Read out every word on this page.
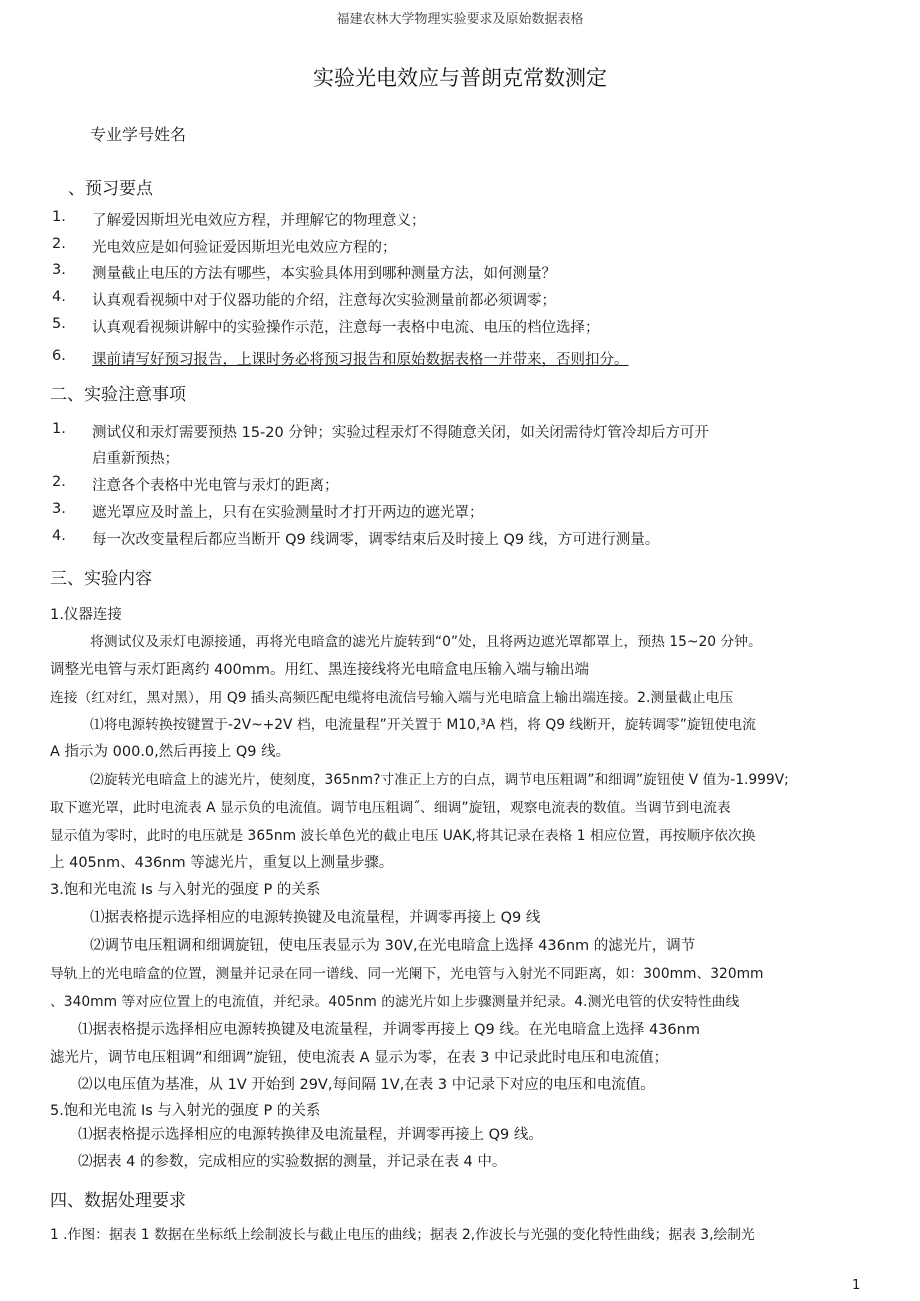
福建农林大学物理实验要求及原始数据表格
实验光电效应与普朗克常数测定
专业学号姓名
、预习要点
1. 了解爱因斯坦光电效应方程，并理解它的物理意义；
2. 光电效应是如何验证爱因斯坦光电效应方程的；
3. 测量截止电压的方法有哪些，本实验具体用到哪种测量方法，如何测量？
4. 认真观看视频中对于仪器功能的介绍，注意每次实验测量前都必须调零；
5. 认真观看视频讲解中的实验操作示范，注意每一表格中电流、电压的档位选择；
6. 课前请写好预习报告，上课时务必将预习报告和原始数据表格一并带来，否则扣分。
二、实验注意事项
1. 测试仪和汞灯需要预热 15-20 分钟；实验过程汞灯不得随意关闭，如关闭需待灯管冷却后方可开
启重新预热；
2. 注意各个表格中光电管与汞灯的距离；
3. 遮光罩应及时盖上，只有在实验测量时才打开两边的遮光罩；
4. 每一次改变量程后都应当断开 Q9 线调零，调零结束后及时接上 Q9 线，方可进行测量。
三、实验内容
1.仪器连接
将测试仪及汞灯电源接通，再将光电暗盒的滤光片旋转到“0”处，且将两边遮光罩都罩上，预热 15~20 分钟。
调整光电管与汞灯距离约 400mm。用红、黑连接线将光电暗盒电压输入端与输出端
连接（红对红，黑对黑），用 Q9 插头高频匹配电缆将电流信号输入端与光电暗盒上输出端连接。2.测量截止电压
⑴将电源转换按键置于-2V~+2V 档，电流量程”开关置于 M10,³A 档，将 Q9 线断开，旋转调零”旋钮使电流
A 指示为 000.0,然后再接上 Q9 线。
⑵旋转光电暗盒上的滤光片，使刻度，365nm?寸准正上方的白点，调节电压粗调”和细调”旋钮使 V 值为-1.999V;
取下遮光罩，此时电流表 A 显示负的电流值。调节电压粗调˝、细调”旋钮，观察电流表的数值。当调节到电流表
显示值为零时，此时的电压就是 365nm 波长单色光的截止电压 UAK,将其记录在表格 1 相应位置，再按顺序依次换
上 405nm、436nm 等滤光片，重复以上测量步骤。
3.饱和光电流 Is 与入射光的强度 P 的关系
⑴据表格提示选择相应的电源转换键及电流量程，并调零再接上 Q9 线
⑵调节电压粗调和细调旋钮，使电压表显示为 30V,在光电暗盒上选择 436nm 的滤光片，调节
导轨上的光电暗盒的位置，测量并记录在同一谱线、同一光阑下，光电管与入射光不同距离，如：300mm、320mm
、340mm 等对应位置上的电流值，并纪录。405nm 的滤光片如上步骤测量并纪录。4.测光电管的伏安特性曲线
⑴据表格提示选择相应电源转换键及电流量程，并调零再接上 Q9 线。在光电暗盒上选择 436nm
滤光片，调节电压粗调”和细调”旋钮，使电流表 A 显示为零，在表 3 中记录此时电压和电流值；
⑵以电压值为基准，从 1V 开始到 29V,每间隔 1V,在表 3 中记录下对应的电压和电流值。
5.饱和光电流 Is 与入射光的强度 P 的关系
⑴据表格提示选择相应的电源转换律及电流量程，并调零再接上 Q9 线。
⑵据表 4 的参数，完成相应的实验数据的测量，并记录在表 4 中。
四、数据处理要求
1 .作图：据表 1 数据在坐标纸上绘制波长与截止电压的曲线；据表 2,作波长与光强的变化特性曲线；据表 3,绘制光
1
